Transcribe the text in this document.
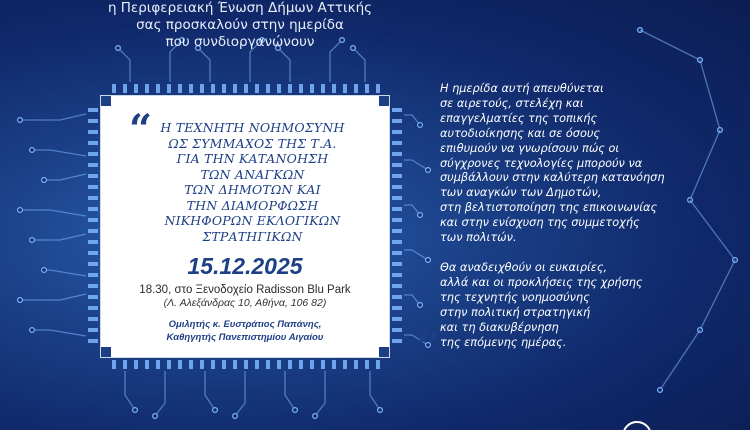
η Περιφερειακή Ένωση Δήμων Αττικής
σας προσκαλούν στην ημερίδα
που συνδιοργανώνουν
“
”
Η ΤΕΧΝΗΤΗ ΝΟΗΜΟΣΥΝΗ
ΩΣ ΣΥΜΜΑΧΟΣ ΤΗΣ Τ.Α.
ΓΙΑ ΤΗΝ ΚΑΤΑΝΟΗΣΗ
ΤΩΝ ΑΝΑΓΚΩΝ
ΤΩΝ ΔΗΜΟΤΩΝ ΚΑΙ
ΤΗΝ ΔΙΑΜΟΡΦΩΣΗ
ΝΙΚΗΦΟΡΩΝ ΕΚΛΟΓΙΚΩΝ
ΣΤΡΑΤΗΓΙΚΩΝ
15.12.2025
18.30, στο Ξενοδοχείο Radisson Blu Park
(Λ. Αλεξάνδρας 10, Αθήνα, 106 82)
Ομιλητής κ. Ευστράτιος Παπάνης,
Καθηγητής Πανεπιστημίου Αιγαίου
Η ημερίδα αυτή απευθύνεται
σε αιρετούς, στελέχη και
επαγγελματίες της τοπικής
αυτοδιοίκησης και σε όσους
επιθυμούν να γνωρίσουν πώς οι
σύγχρονες τεχνολογίες μπορούν να
συμβάλλουν στην καλύτερη κατανόηση
των αναγκών των Δημοτών,
στη βελτιστοποίηση της επικοινωνίας
και στην ενίσχυση της συμμετοχής
των πολιτών.
Θα αναδειχθούν οι ευκαιρίες,
αλλά και οι προκλήσεις της χρήσης
της τεχνητής νοημοσύνης
στην πολιτική στρατηγική
και τη διακυβέρνηση
της επόμενης ημέρας.
